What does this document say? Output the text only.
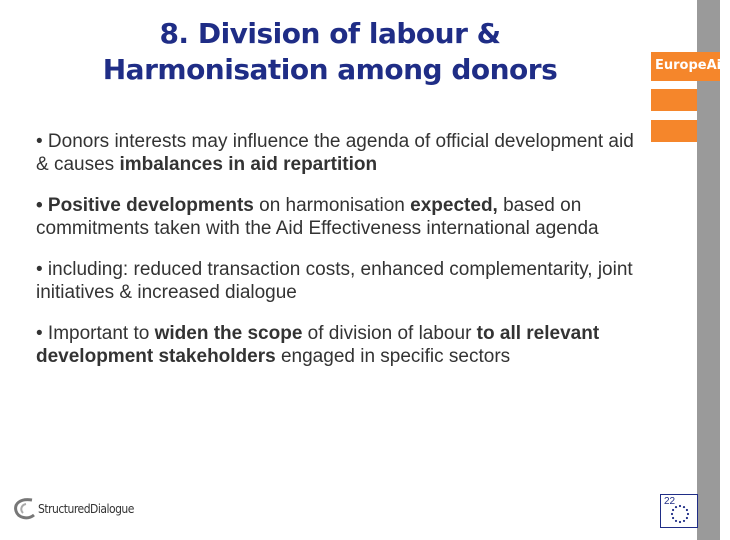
8. Division of labour &
Harmonisation among donors	EuropeAid

• Donors interests may influence the agenda of official development aid & causes imbalances in aid repartition

• Positive developments on harmonisation expected, based on commitments taken with the Aid Effectiveness international agenda

• including: reduced transaction costs, enhanced complementarity, joint initiatives & increased dialogue

• Important to widen the scope of division of labour to all relevant development stakeholders engaged in specific sectors

StructuredDialogue
22
